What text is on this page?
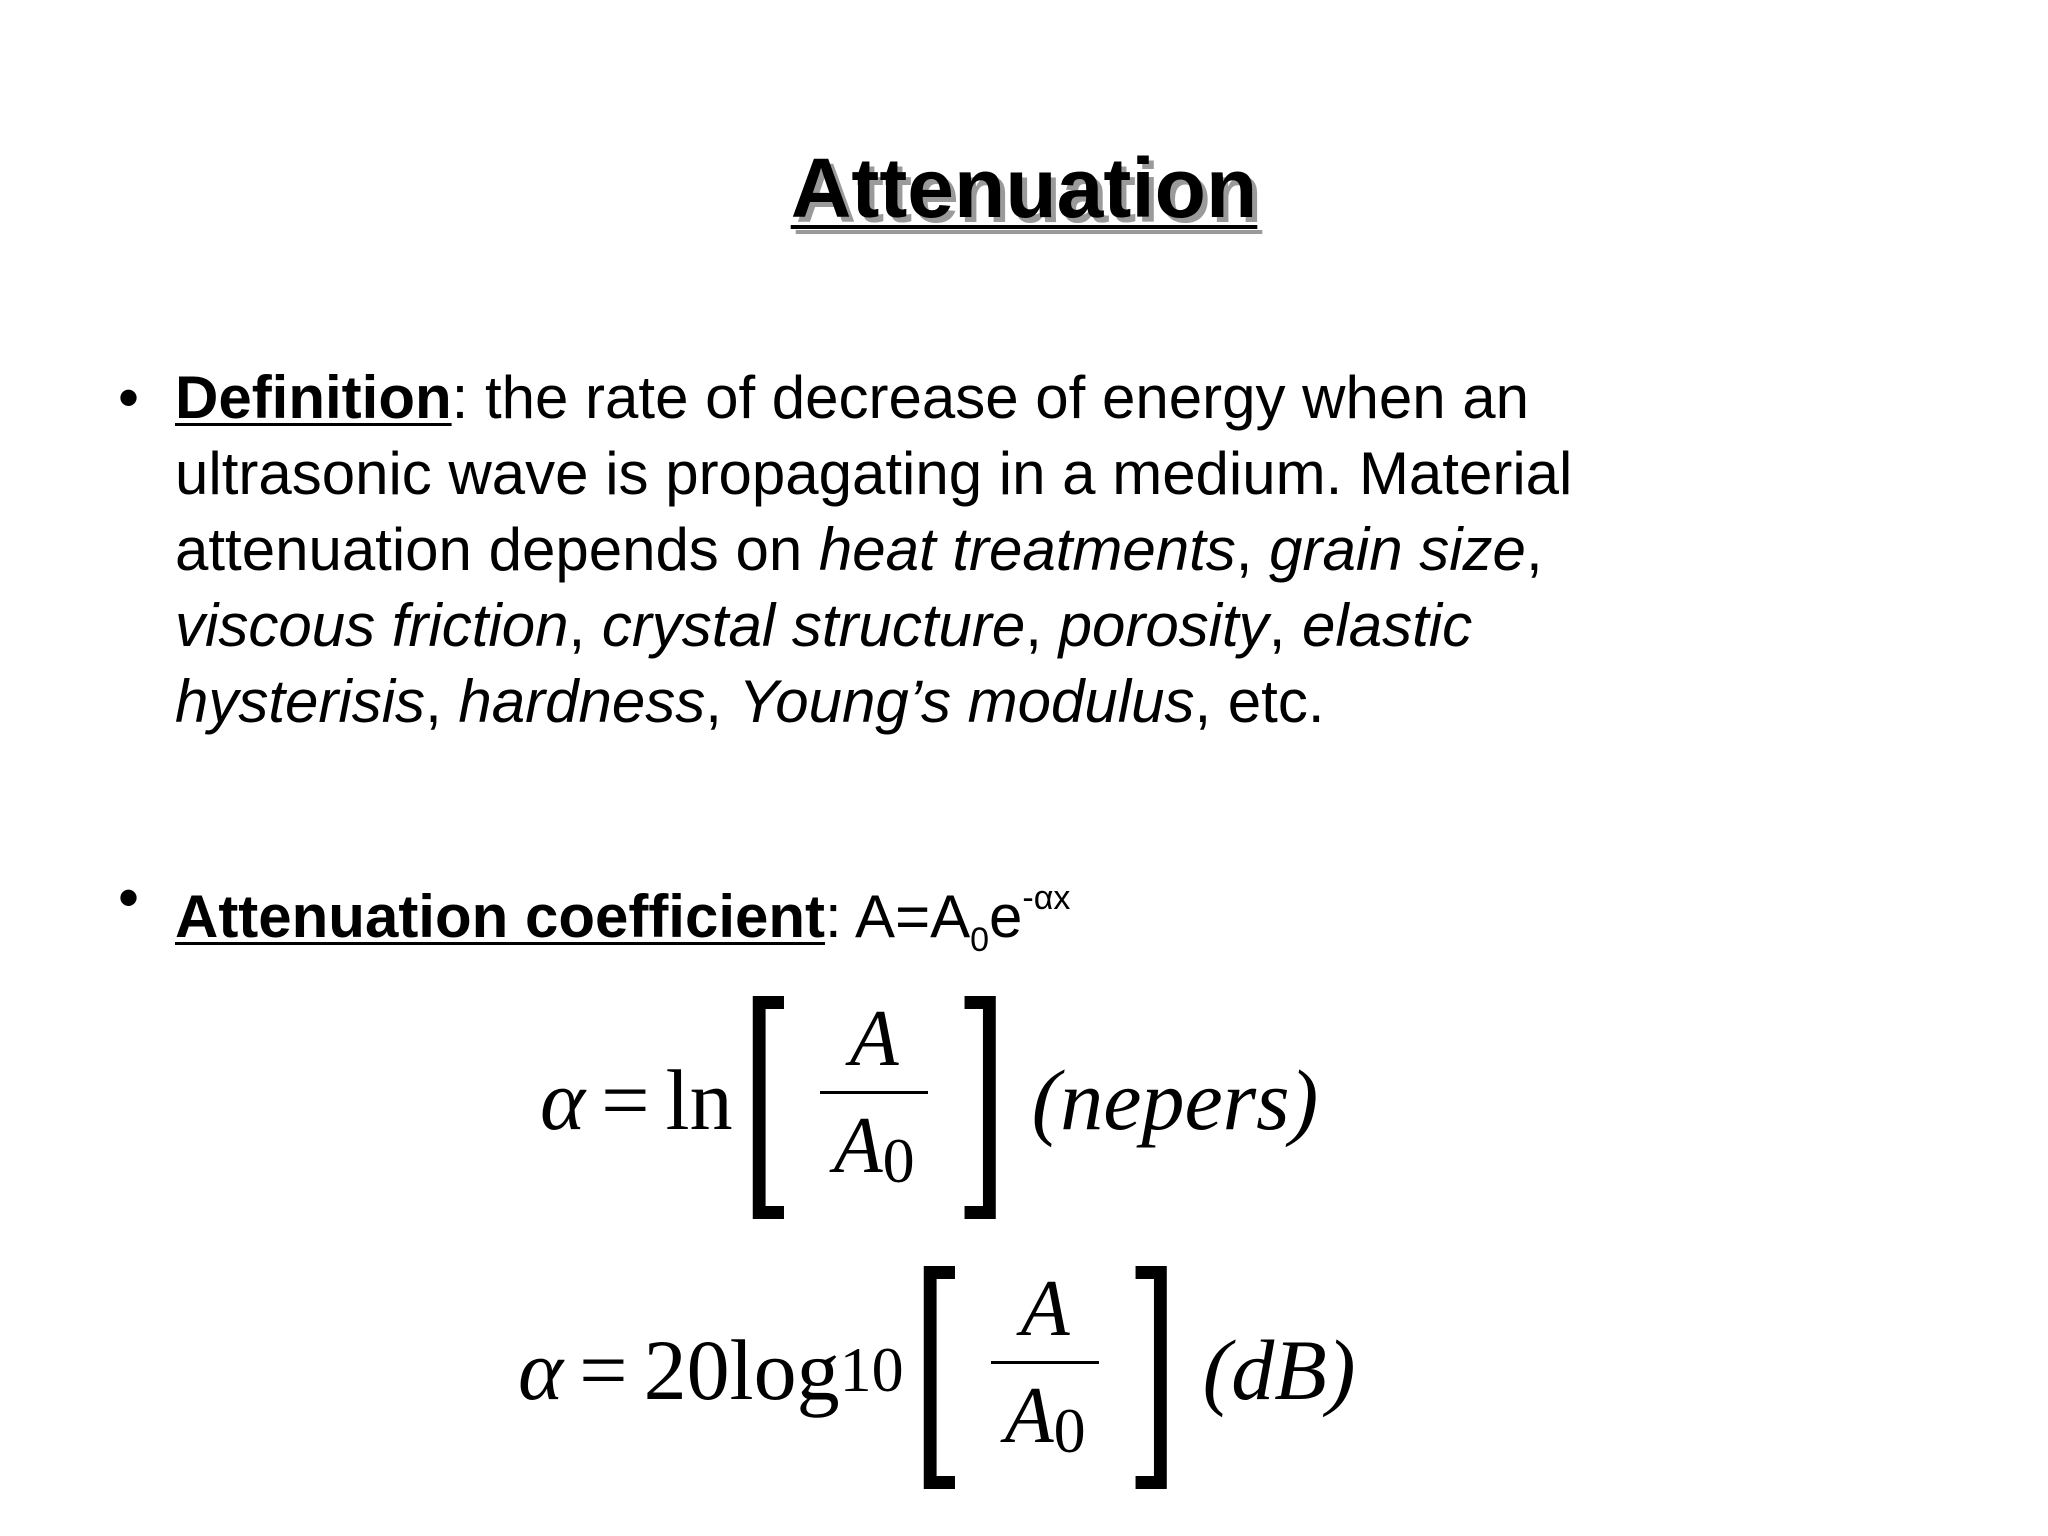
Attenuation
• Definition: the rate of decrease of energy when an
ultrasonic wave is propagating in a medium. Material
attenuation depends on heat treatments, grain size,
viscous friction, crystal structure, porosity, elastic
hysterisis, hardness, Young’s modulus, etc.
• Attenuation coefficient: $A=A_0e^{-\alpha x}$
α = ln [ $\frac{A}{A0}$ ] (nepers)
α = 20 log 10 [ $\frac{A}{A0}$ ] (dB)
